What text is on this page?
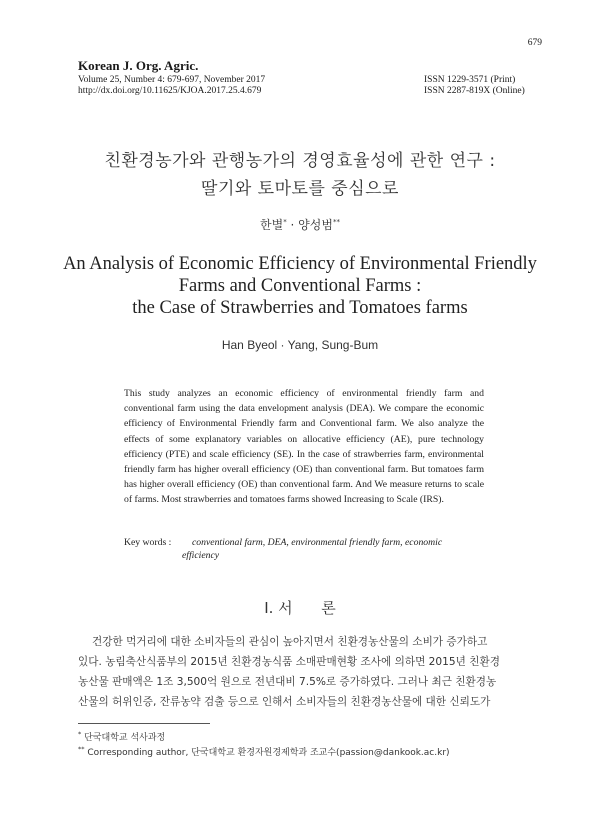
Korean J. Org. Agric.
679
Volume 25, Number 4: 679-697, November 2017
http://dx.doi.org/10.11625/KJOA.2017.25.4.679
ISSN 1229-3571 (Print)
ISSN 2287-819X (Online)
친환경농가와 관행농가의 경영효율성에 관한 연구 :
딸기와 토마토를 중심으로
한별* · 양성범**
An Analysis of Economic Efficiency of Environmental Friendly
Farms and Conventional Farms :
the Case of Strawberries and Tomatoes farms
Han Byeol · Yang, Sung-Bum
This study analyzes an economic efficiency of environmental friendly farm and conventional farm using the data envelopment analysis (DEA). We compare the economic efficiency of Environmental Friendly farm and Conventional farm. We also analyze the effects of some explanatory variables on allocative efficiency (AE), pure technology efficiency (PTE) and scale efficiency (SE). In the case of strawberries farm, environmental friendly farm has higher overall efficiency (OE) than conventional farm. But tomatoes farm has higher overall efficiency (OE) than conventional farm. And We measure returns to scale of farms. Most strawberries and tomatoes farms showed Increasing to Scale (IRS).
Key words : conventional farm, DEA, environmental friendly farm, economic
efficiency
Ⅰ. 서      론
건강한 먹거리에 대한 소비자들의 관심이 높아지면서 친환경농산물의 소비가 증가하고
있다. 농림축산식품부의 2015년 친환경농식품 소매판매현황 조사에 의하면 2015년 친환경
농산물 판매액은 1조 3,500억 원으로 전년대비 7.5%로 증가하였다. 그러나 최근 친환경농
산물의 허위인증, 잔류농약 검출 등으로 인해서 소비자들의 친환경농산물에 대한 신뢰도가
* 단국대학교 석사과정
** Corresponding author, 단국대학교 환경자원경제학과 조교수(passion@dankook.ac.kr)
